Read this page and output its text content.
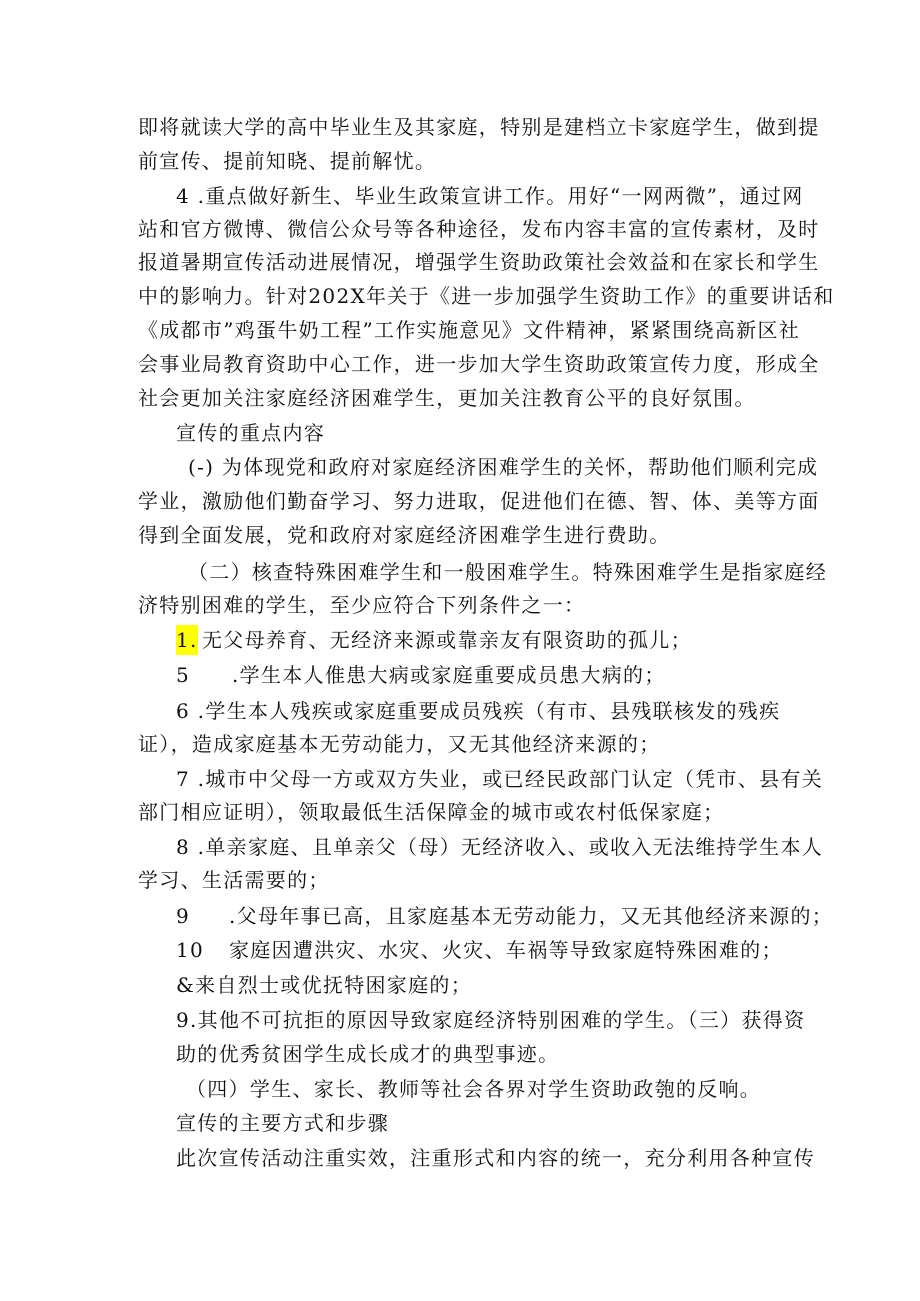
即将就读大学的高中毕业生及其家庭，特别是建档立卡家庭学生，做到提
前宣传、提前知晓、提前解忧。
4 .重点做好新生、毕业生政策宣讲工作。用好“一网两微”，通过网
站和官方微博、微信公众号等各种途径，发布内容丰富的宣传素材，及时
报道暑期宣传活动进展情况，增强学生资助政策社会效益和在家长和学生
中的影响力。针对202X年关于《进一步加强学生资助工作》的重要讲话和
《成都市”鸡蛋牛奶工程”工作实施意见》文件精神，紧紧围绕高新区社
会事业局教育资助中心工作，进一步加大学生资助政策宣传力度，形成全
社会更加关注家庭经济困难学生，更加关注教育公平的良好氛围。
宣传的重点内容
(-) 为体现党和政府对家庭经济困难学生的关怀，帮助他们顺利完成
学业，激励他们勤奋学习、努力进取，促进他们在德、智、体、美等方面
得到全面发展，党和政府对家庭经济困难学生进行费助。
（二）核查特殊困难学生和一般困难学生。特殊困难学生是指家庭经
济特别困难的学生，至少应符合下列条件之一：
1. 无父母养育、无经济来源或靠亲友有限资助的孤儿；
5 .学生本人倠患大病或家庭重要成员患大病的；
6 .学生本人残疾或家庭重要成员残疾（有市、县残联核发的残疾
证），造成家庭基本无劳动能力，又无其他经济来源的；
7 .城市中父母一方或双方失业，或已经民政部门认定（凭市、县有关
部门相应证明），领取最低生活保障金的城市或农村低保家庭；
8 .单亲家庭、且单亲父（母）无经济收入、或收入无法维持学生本人
学习、生活需要的；
9 .父母年事已高，且家庭基本无劳动能力，又无其他经济来源的；
10 家庭因遭洪灾、水灾、火灾、车祸等导致家庭特殊困难的；
&来自烈士或优抚特困家庭的；
9.其他不可抗拒的原因导致家庭经济特别困难的学生。（三）获得资
助的优秀贫困学生成长成才的典型事迹。
（四）学生、家长、教师等社会各界对学生资助政匏的反响。
宣传的主要方式和步骤
此次宣传活动注重实效，注重形式和内容的统一，充分利用各种宣传
